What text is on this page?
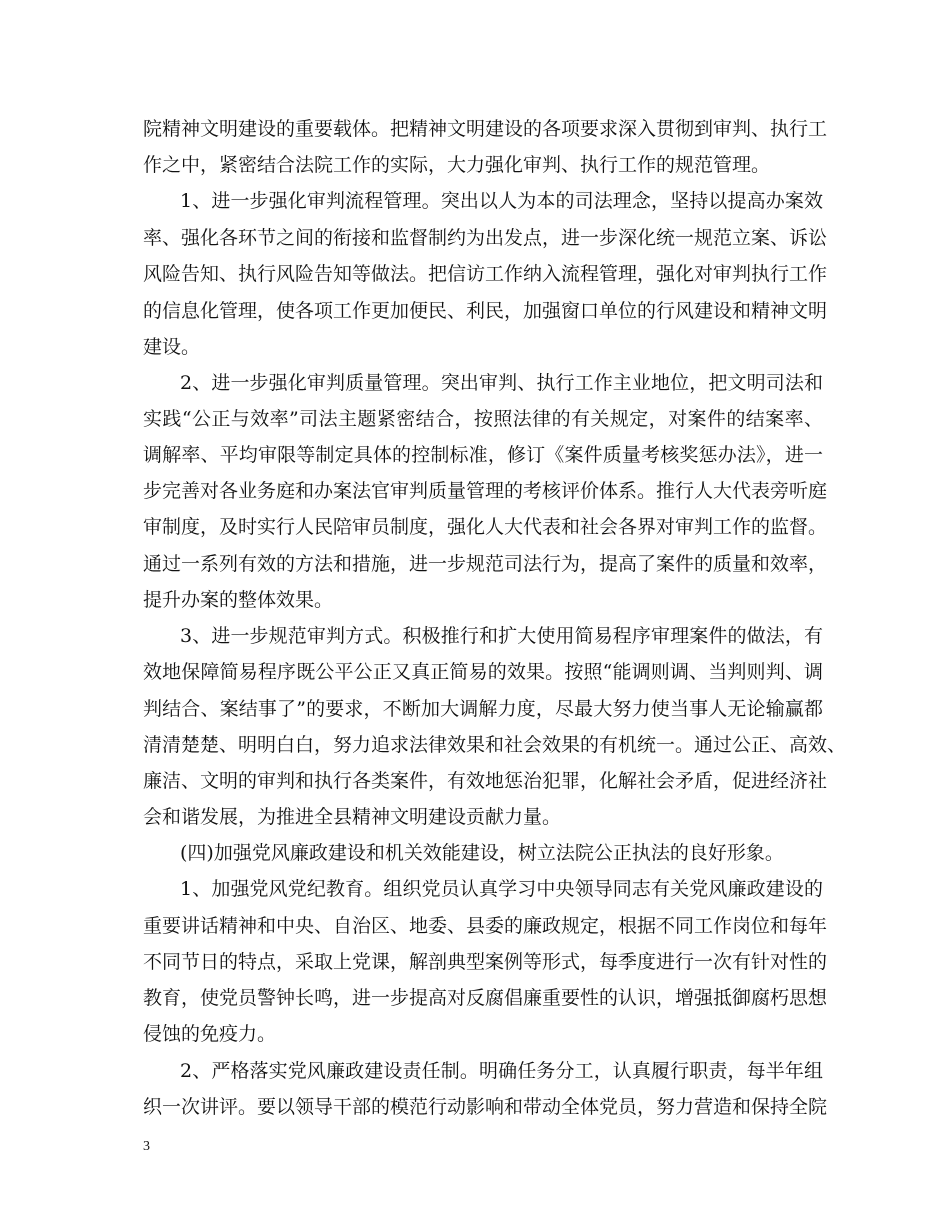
院精神文明建设的重要载体。把精神文明建设的各项要求深入贯彻到审判、执行工
作之中，紧密结合法院工作的实际，大力强化审判、执行工作的规范管理。
1、进一步强化审判流程管理。突出以人为本的司法理念，坚持以提高办案效
率、强化各环节之间的衔接和监督制约为出发点，进一步深化统一规范立案、诉讼
风险告知、执行风险告知等做法。把信访工作纳入流程管理，强化对审判执行工作
的信息化管理，使各项工作更加便民、利民，加强窗口单位的行风建设和精神文明
建设。
2、进一步强化审判质量管理。突出审判、执行工作主业地位，把文明司法和
实践“公正与效率”司法主题紧密结合，按照法律的有关规定，对案件的结案率、
调解率、平均审限等制定具体的控制标准，修订《案件质量考核奖惩办法》，进一
步完善对各业务庭和办案法官审判质量管理的考核评价体系。推行人大代表旁听庭
审制度，及时实行人民陪审员制度，强化人大代表和社会各界对审判工作的监督。
通过一系列有效的方法和措施，进一步规范司法行为，提高了案件的质量和效率，
提升办案的整体效果。
3、进一步规范审判方式。积极推行和扩大使用简易程序审理案件的做法，有
效地保障简易程序既公平公正又真正简易的效果。按照“能调则调、当判则判、调
判结合、案结事了”的要求，不断加大调解力度，尽最大努力使当事人无论输赢都
清清楚楚、明明白白，努力追求法律效果和社会效果的有机统一。通过公正、高效、
廉洁、文明的审判和执行各类案件，有效地惩治犯罪，化解社会矛盾，促进经济社
会和谐发展，为推进全县精神文明建设贡献力量。
(四)加强党风廉政建设和机关效能建设，树立法院公正执法的良好形象。
1、加强党风党纪教育。组织党员认真学习中央领导同志有关党风廉政建设的
重要讲话精神和中央、自治区、地委、县委的廉政规定，根据不同工作岗位和每年
不同节日的特点，采取上党课，解剖典型案例等形式，每季度进行一次有针对性的
教育，使党员警钟长鸣，进一步提高对反腐倡廉重要性的认识，增强抵御腐朽思想
侵蚀的免疫力。
2、严格落实党风廉政建设责任制。明确任务分工，认真履行职责，每半年组
织一次讲评。要以领导干部的模范行动影响和带动全体党员，努力营造和保持全院
3
